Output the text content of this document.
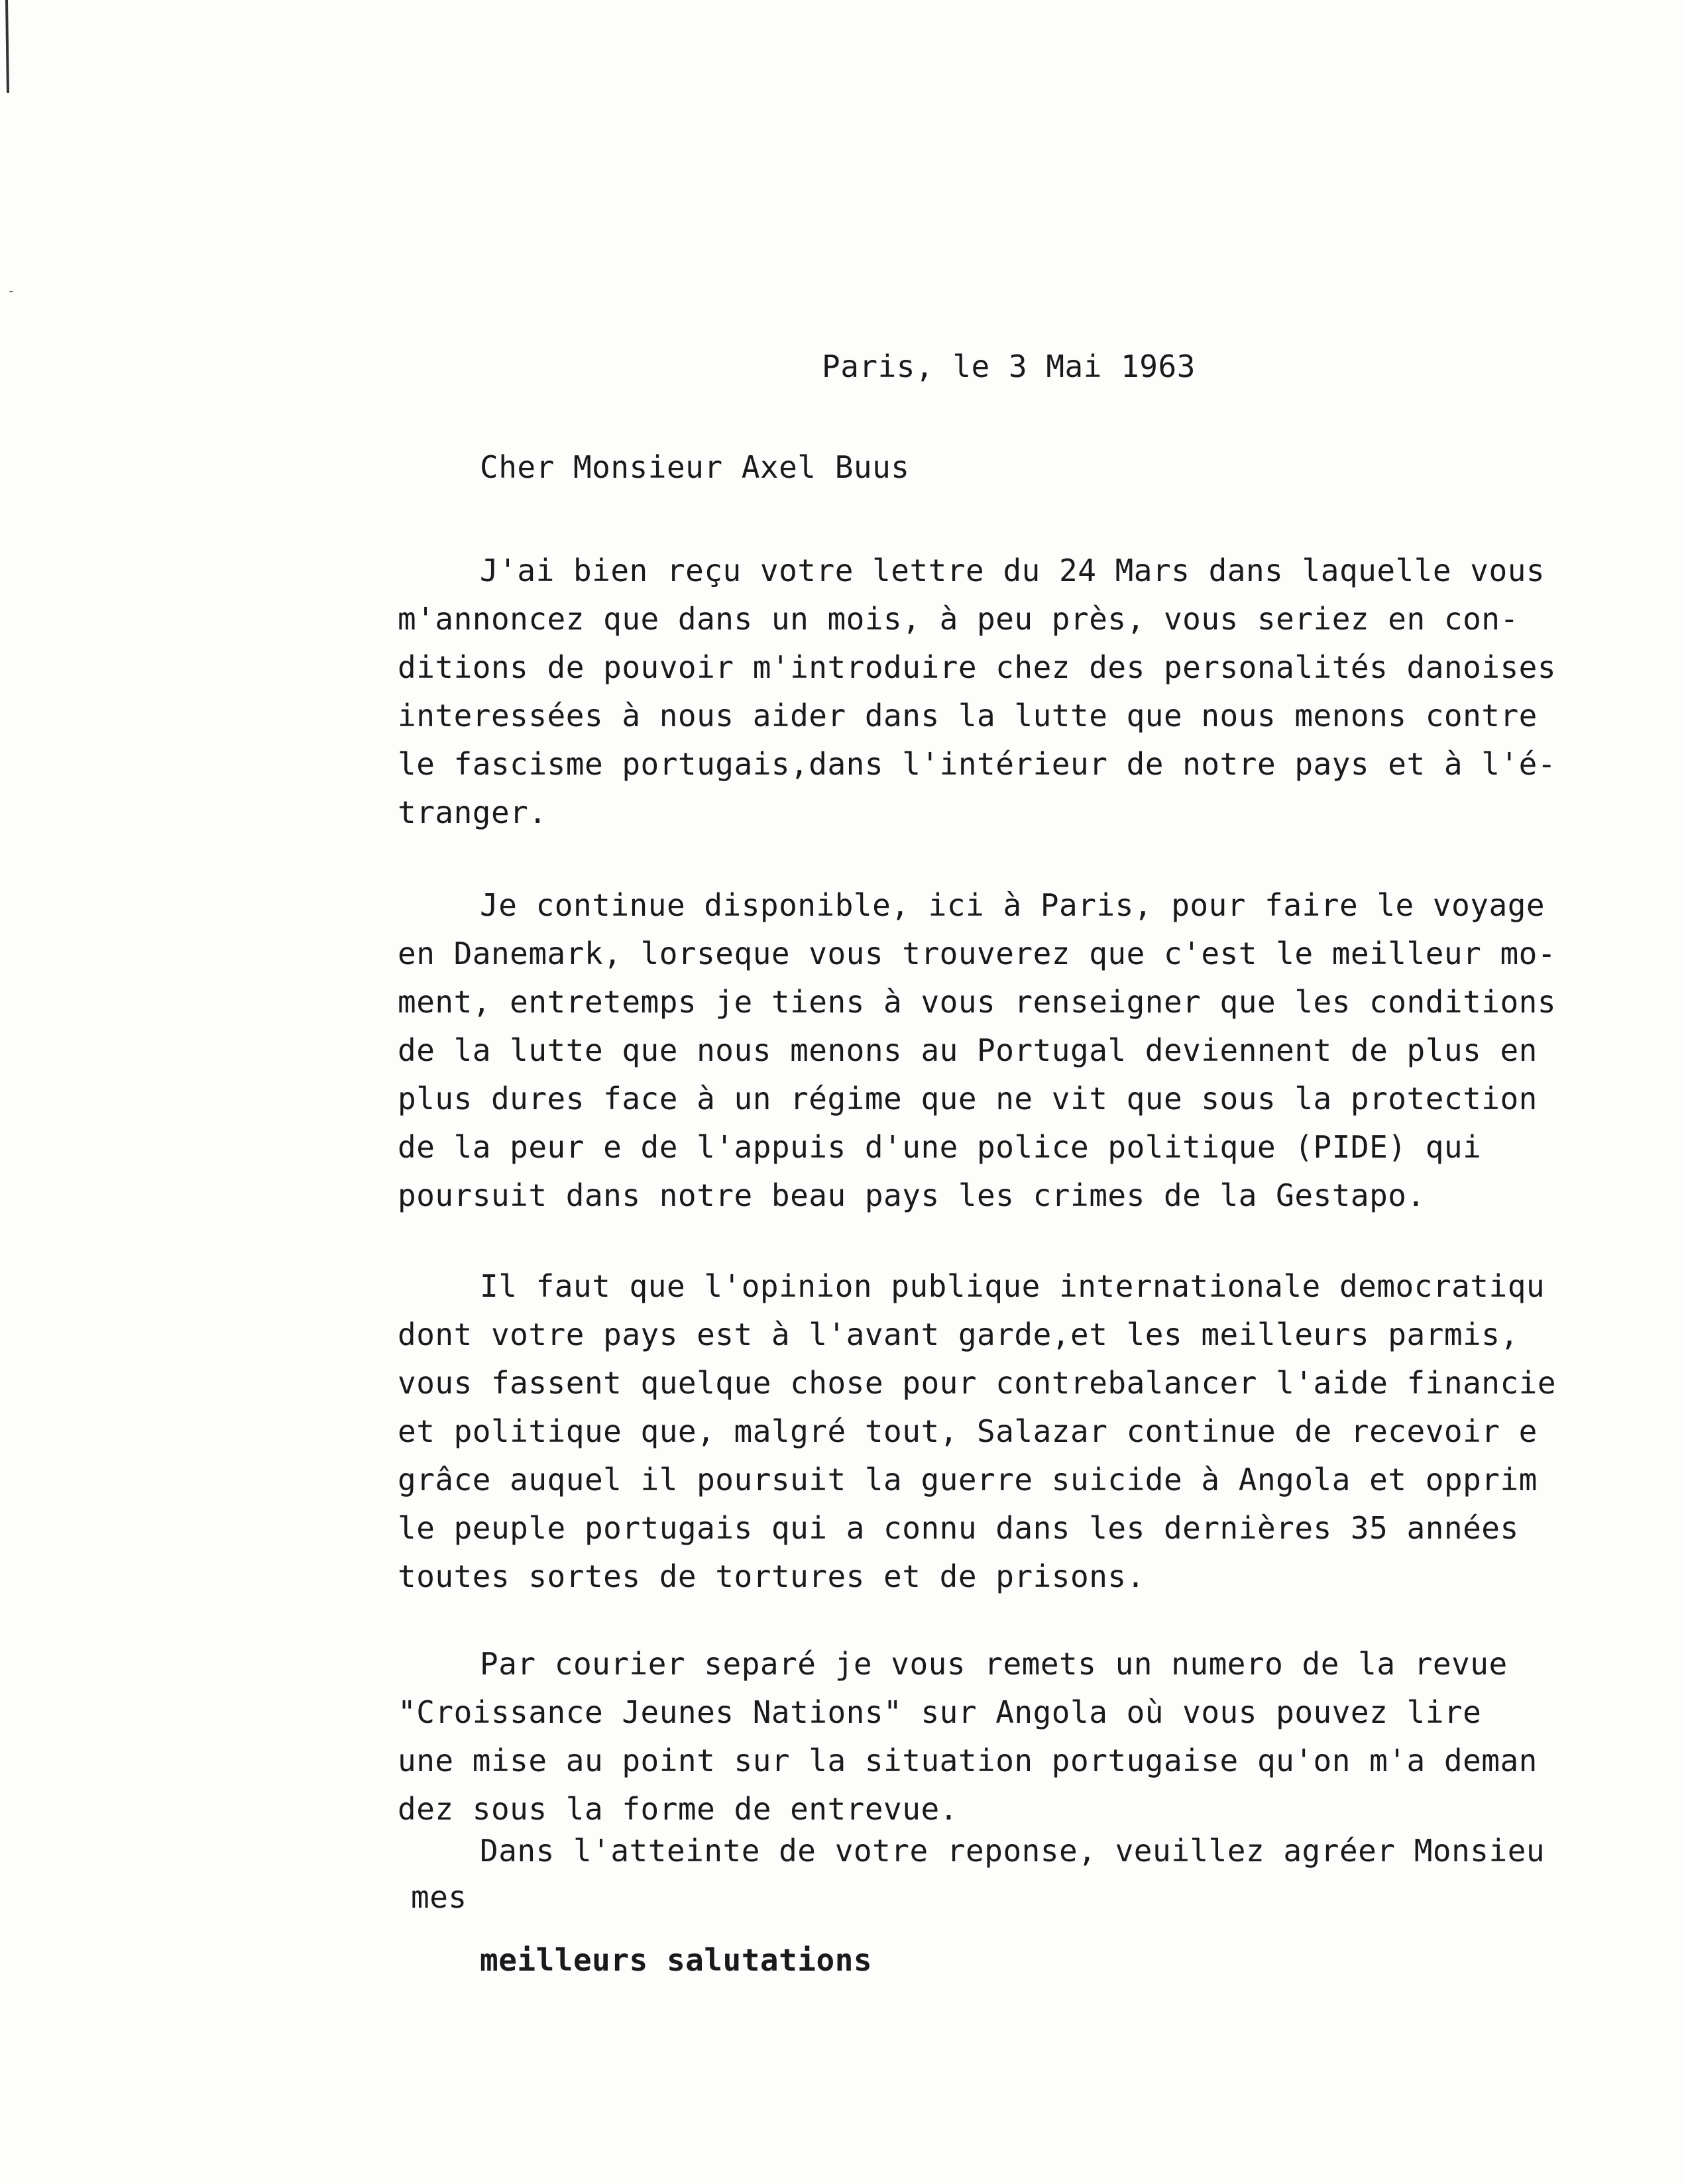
Paris, le 3 Mai 1963
Cher Monsieur Axel Buus
J'ai bien reçu votre lettre du 24 Mars dans laquelle vous
m'annoncez que dans un mois, à peu près, vous seriez en con-
ditions de pouvoir m'introduire chez des personalités danoises
interessées à nous aider dans la lutte que nous menons contre
le fascisme portugais,dans l'intérieur de notre pays et à l'é-
tranger.
Je continue disponible, ici à Paris, pour faire le voyage
en Danemark, lorseque vous trouverez que c'est le meilleur mo-
ment, entretemps je tiens à vous renseigner que les conditions
de la lutte que nous menons au Portugal deviennent de plus en
plus dures face à un régime que ne vit que sous la protection
de la peur e de l'appuis d'une police politique (PIDE) qui
poursuit dans notre beau pays les crimes de la Gestapo.
Il faut que l'opinion publique internationale democratiqu
dont votre pays est à l'avant garde,et les meilleurs parmis,
vous fassent quelque chose pour contrebalancer l'aide financie
et politique que, malgré tout, Salazar continue de recevoir e
grâce auquel il poursuit la guerre suicide à Angola et opprim
le peuple portugais qui a connu dans les dernières 35 années
toutes sortes de tortures et de prisons.
Par courier separé je vous remets un numero de la revue
"Croissance Jeunes Nations" sur Angola où vous pouvez lire
une mise au point sur la situation portugaise qu'on m'a deman
dez sous la forme de entrevue.
Dans l'atteinte de votre reponse, veuillez agréer Monsieu
mes
meilleurs salutations
